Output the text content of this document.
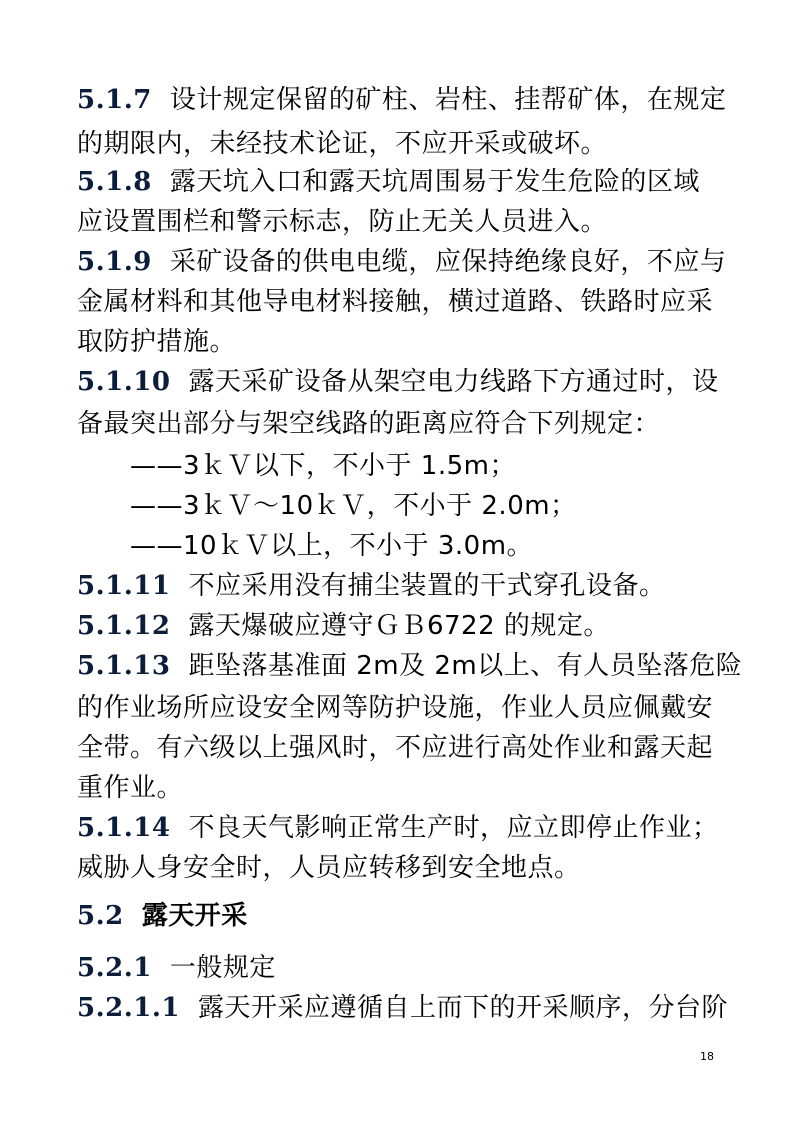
5.1.7 设计规定保留的矿柱、岩柱、挂帮矿体，在规定
的期限内，未经技术论证，不应开采或破坏。
5.1.8 露天坑入口和露天坑周围易于发生危险的区域
应设置围栏和警示标志，防止无关人员进入。
5.1.9 采矿设备的供电电缆，应保持绝缘良好，不应与
金属材料和其他导电材料接触，横过道路、铁路时应采
取防护措施。
5.1.10 露天采矿设备从架空电力线路下方通过时，设
备最突出部分与架空线路的距离应符合下列规定：
——3ｋＶ以下，不小于 1.5m；
——3ｋＶ～10ｋＶ，不小于 2.0m；
——10ｋＶ以上，不小于 3.0m。
5.1.11 不应采用没有捕尘装置的干式穿孔设备。
5.1.12 露天爆破应遵守ＧＢ6722 的规定。
5.1.13 距坠落基准面 2m及 2m以上、有人员坠落危险
的作业场所应设安全网等防护设施，作业人员应佩戴安
全带。有六级以上强风时，不应进行高处作业和露天起
重作业。
5.1.14 不良天气影响正常生产时，应立即停止作业；
威胁人身安全时，人员应转移到安全地点。
5.2 露天开采
5.2.1 一般规定
5.2.1.1 露天开采应遵循自上而下的开采顺序，分台阶
18
